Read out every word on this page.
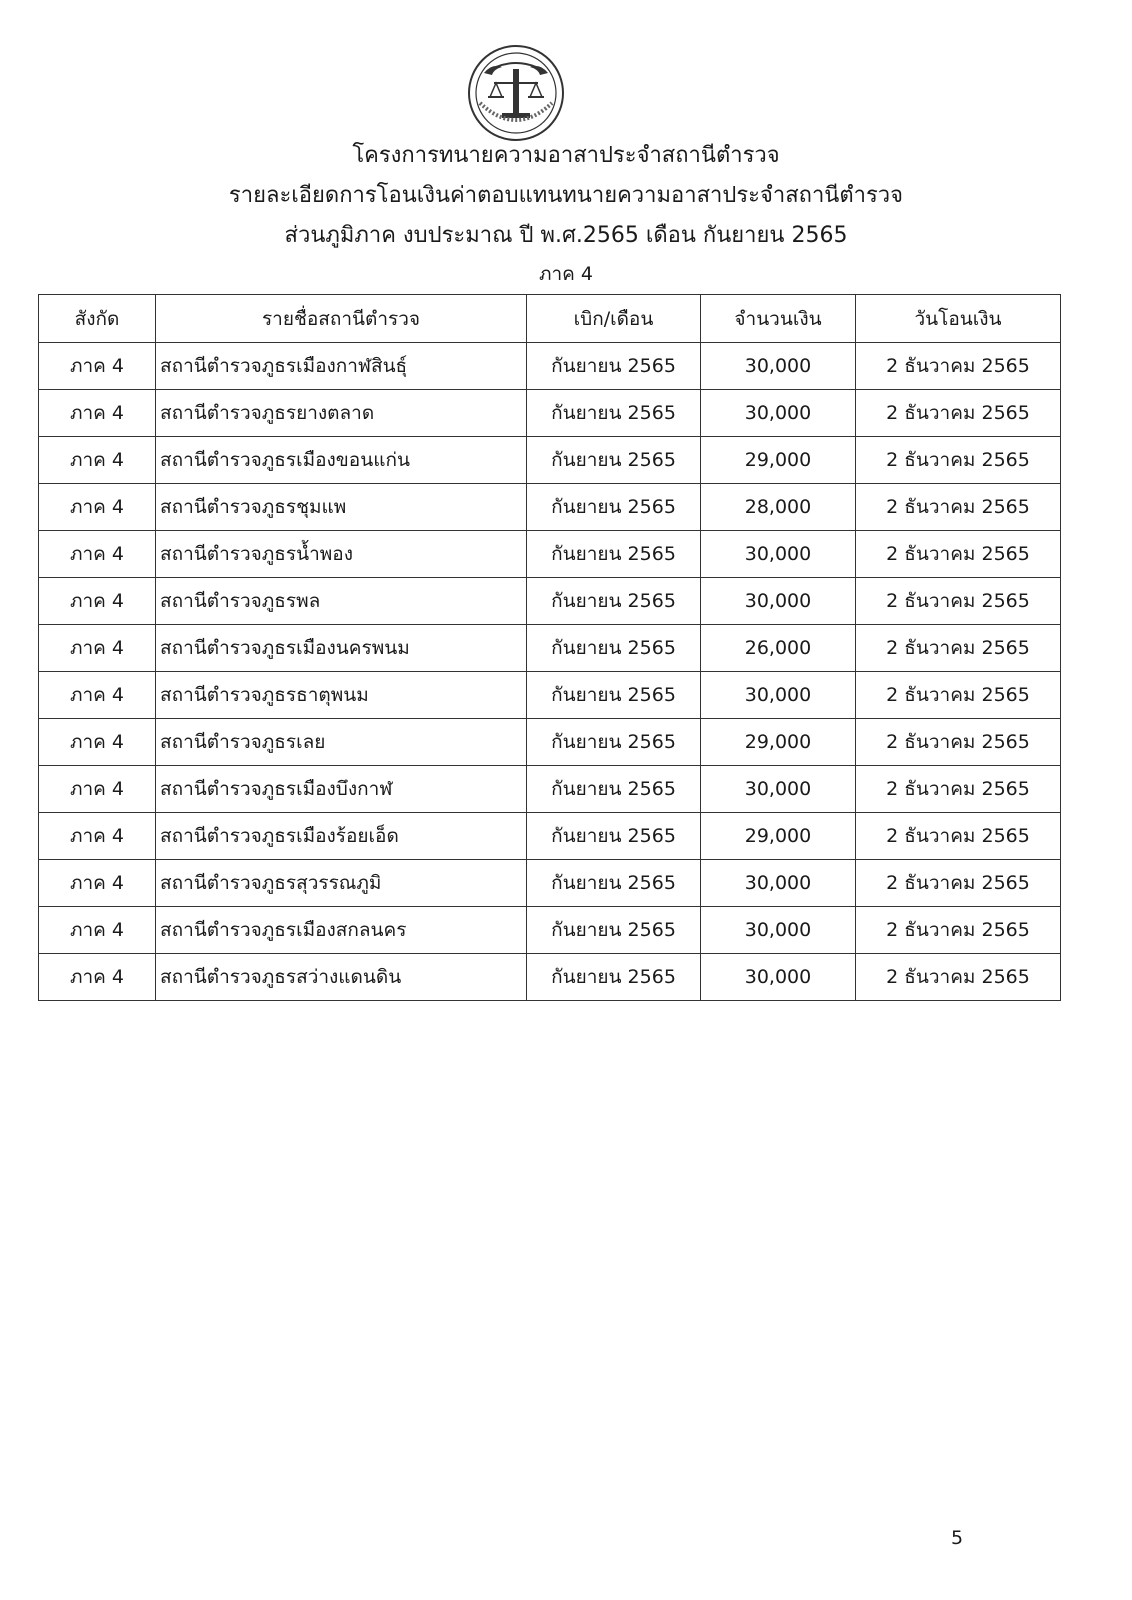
โครงการทนายความอาสาประจำสถานีตำรวจ
รายละเอียดการโอนเงินค่าตอบแทนทนายความอาสาประจำสถานีตำรวจ
ส่วนภูมิภาค งบประมาณ ปี พ.ศ.2565 เดือน กันยายน 2565
ภาค 4
สังกัด	รายชื่อสถานีตำรวจ	เบิก/เดือน	จำนวนเงิน	วันโอนเงิน
ภาค 4	สถานีตำรวจภูธรเมืองกาฬสินธุ์	กันยายน 2565	30,000	2 ธันวาคม 2565
ภาค 4	สถานีตำรวจภูธรยางตลาด	กันยายน 2565	30,000	2 ธันวาคม 2565
ภาค 4	สถานีตำรวจภูธรเมืองขอนแก่น	กันยายน 2565	29,000	2 ธันวาคม 2565
ภาค 4	สถานีตำรวจภูธรชุมแพ	กันยายน 2565	28,000	2 ธันวาคม 2565
ภาค 4	สถานีตำรวจภูธรน้ำพอง	กันยายน 2565	30,000	2 ธันวาคม 2565
ภาค 4	สถานีตำรวจภูธรพล	กันยายน 2565	30,000	2 ธันวาคม 2565
ภาค 4	สถานีตำรวจภูธรเมืองนครพนม	กันยายน 2565	26,000	2 ธันวาคม 2565
ภาค 4	สถานีตำรวจภูธรธาตุพนม	กันยายน 2565	30,000	2 ธันวาคม 2565
ภาค 4	สถานีตำรวจภูธรเลย	กันยายน 2565	29,000	2 ธันวาคม 2565
ภาค 4	สถานีตำรวจภูธรเมืองบึงกาฬ	กันยายน 2565	30,000	2 ธันวาคม 2565
ภาค 4	สถานีตำรวจภูธรเมืองร้อยเอ็ด	กันยายน 2565	29,000	2 ธันวาคม 2565
ภาค 4	สถานีตำรวจภูธรสุวรรณภูมิ	กันยายน 2565	30,000	2 ธันวาคม 2565
ภาค 4	สถานีตำรวจภูธรเมืองสกลนคร	กันยายน 2565	30,000	2 ธันวาคม 2565
ภาค 4	สถานีตำรวจภูธรสว่างแดนดิน	กันยายน 2565	30,000	2 ธันวาคม 2565
5
